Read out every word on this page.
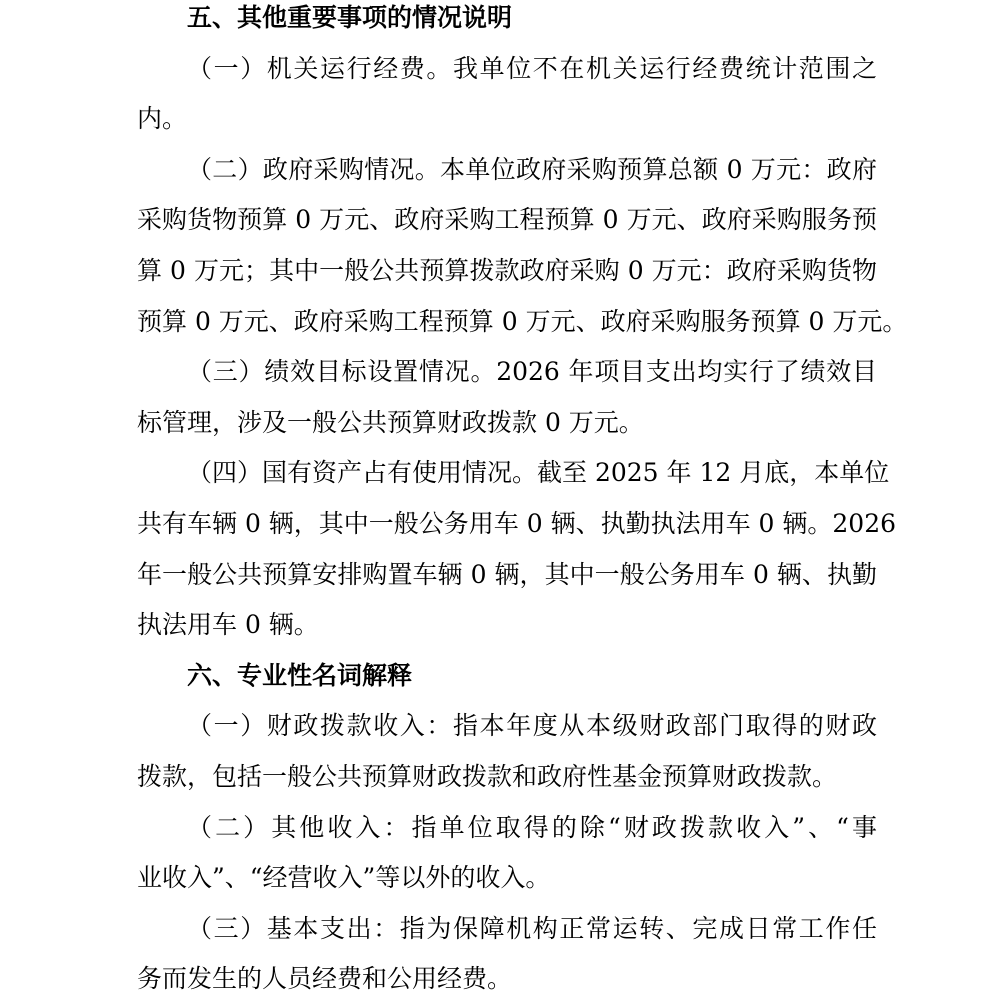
五、其他重要事项的情况说明
（一）机关运行经费。我单位不在机关运行经费统计范围之
内。
（二）政府采购情况。本单位政府采购预算总额 0 万元：政府
采购货物预算 0 万元、政府采购工程预算 0 万元、政府采购服务预
算 0 万元；其中一般公共预算拨款政府采购 0 万元：政府采购货物
预算 0 万元、政府采购工程预算 0 万元、政府采购服务预算 0 万元。
（三）绩效目标设置情况。2026 年项目支出均实行了绩效目
标管理，涉及一般公共预算财政拨款 0 万元。
（四）国有资产占有使用情况。截至 2025 年 12 月底，本单位
共有车辆 0 辆，其中一般公务用车 0 辆、执勤执法用车 0 辆。2026
年一般公共预算安排购置车辆 0 辆，其中一般公务用车 0 辆、执勤
执法用车 0 辆。
六、专业性名词解释
（一）财政拨款收入：指本年度从本级财政部门取得的财政
拨款，包括一般公共预算财政拨款和政府性基金预算财政拨款。
（二）其他收入：指单位取得的除“财政拨款收入”、“事
业收入”、“经营收入”等以外的收入。
（三）基本支出：指为保障机构正常运转、完成日常工作任
务而发生的人员经费和公用经费。
